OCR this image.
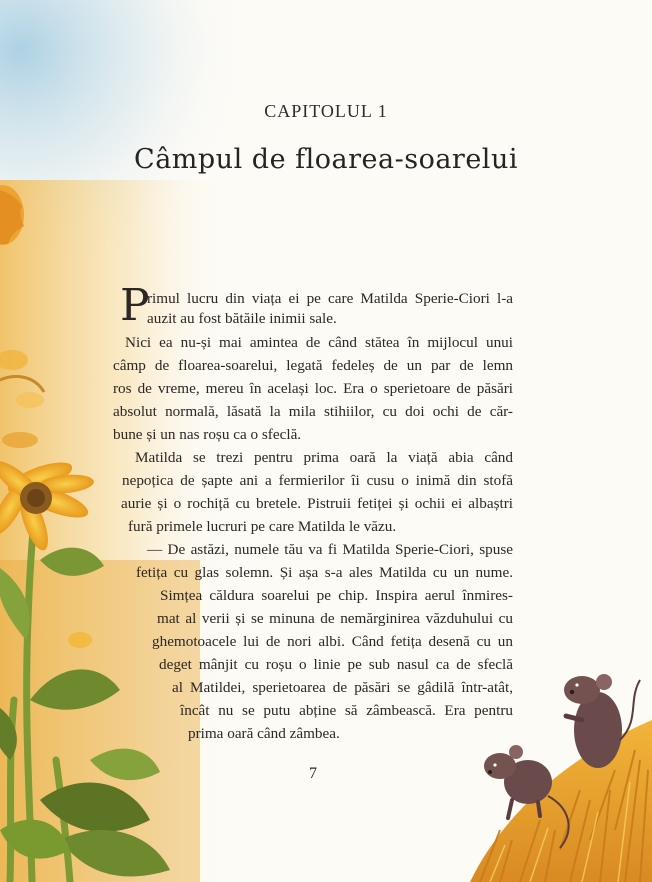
CAPITOLUL 1
Câmpul de floarea-soarelui
P
rimul lucru din viața ei pe care Matilda Sperie-Ciori l-a
auzit au fost bătăile inimii sale.
Nici ea nu-și mai amintea de când stătea în mijlocul unui
câmp de floarea-soarelui, legată fedeleș de un par de lemn
ros de vreme, mereu în același loc. Era o sperietoare de păsări
absolut normală, lăsată la mila stihiilor, cu doi ochi de căr-
bune și un nas roșu ca o sfeclă.
Matilda se trezi pentru prima oară la viață abia când
nepoțica de șapte ani a fermierilor îi cusu o inimă din stofă
aurie și o rochiță cu bretele. Pistruii fetiței și ochii ei albaștri
fură primele lucruri pe care Matilda le văzu.
— De astăzi, numele tău va fi Matilda Sperie-Ciori, spuse
fetița cu glas solemn. Și așa s-a ales Matilda cu un nume.
Simțea căldura soarelui pe chip. Inspira aerul înmires-
mat al verii și se minuna de nemărginirea văzduhului cu
ghemotoacele lui de nori albi. Când fetița desenă cu un
deget mânjit cu roșu o linie pe sub nasul ca de sfeclă
al Matildei, sperietoarea de păsări se gâdilă într-atât,
încât nu se putu abține să zâmbească. Era pentru
prima oară când zâmbea.
7
